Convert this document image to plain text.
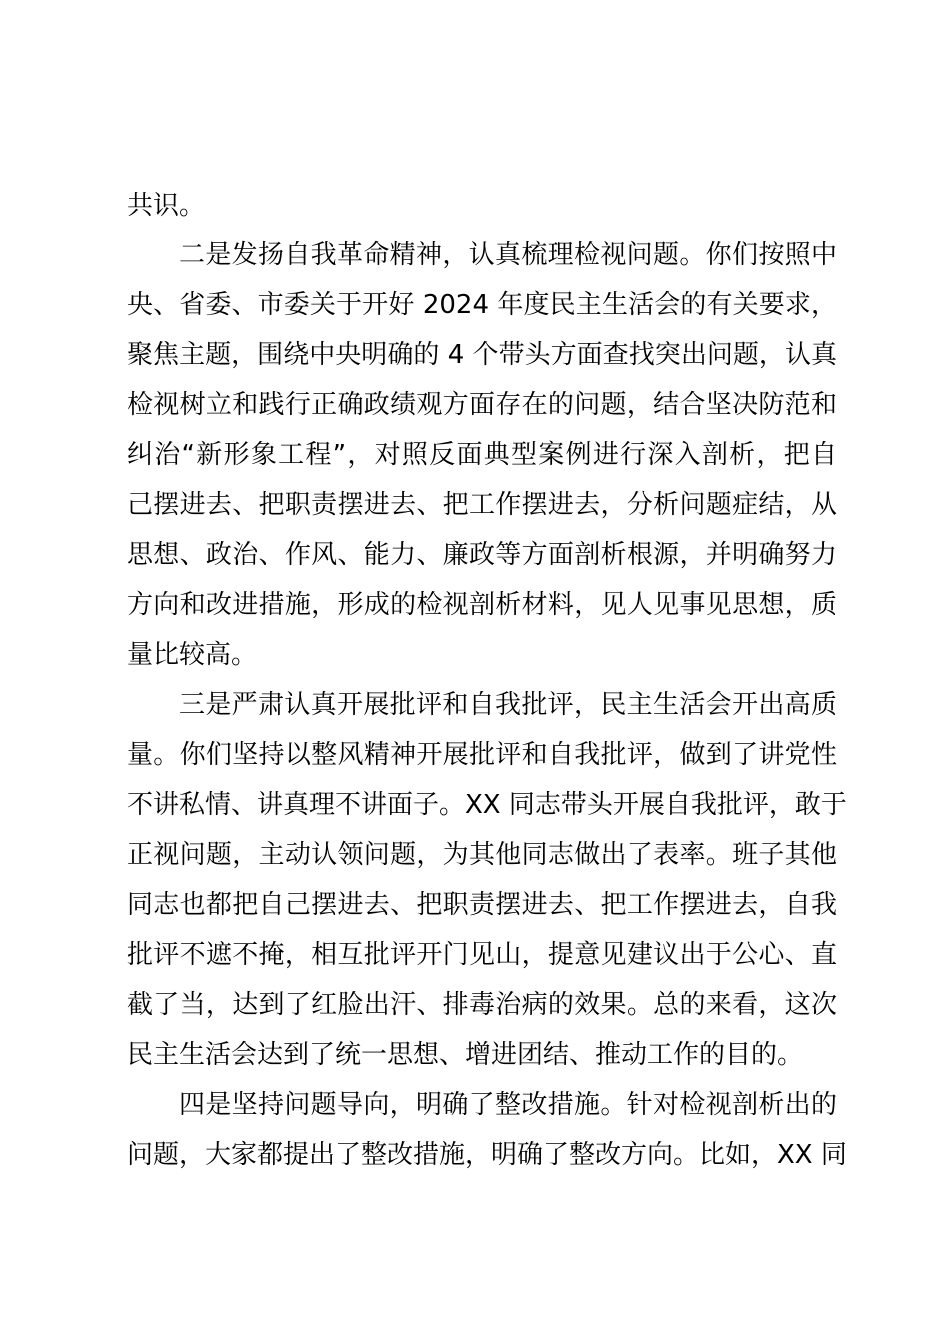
共识。
二是发扬自我革命精神，认真梳理检视问题。你们按照中
央、省委、市委关于开好 2024 年度民主生活会的有关要求，
聚焦主题，围绕中央明确的 4 个带头方面查找突出问题，认真
检视树立和践行正确政绩观方面存在的问题，结合坚决防范和
纠治“新形象工程”，对照反面典型案例进行深入剖析，把自
己摆进去、把职责摆进去、把工作摆进去，分析问题症结，从
思想、政治、作风、能力、廉政等方面剖析根源，并明确努力
方向和改进措施，形成的检视剖析材料，见人见事见思想，质
量比较高。
三是严肃认真开展批评和自我批评，民主生活会开出高质
量。你们坚持以整风精神开展批评和自我批评，做到了讲党性
不讲私情、讲真理不讲面子。XX 同志带头开展自我批评，敢于
正视问题，主动认领问题，为其他同志做出了表率。班子其他
同志也都把自己摆进去、把职责摆进去、把工作摆进去，自我
批评不遮不掩，相互批评开门见山，提意见建议出于公心、直
截了当，达到了红脸出汗、排毒治病的效果。总的来看，这次
民主生活会达到了统一思想、增进团结、推动工作的目的。
四是坚持问题导向，明确了整改措施。针对检视剖析出的
问题，大家都提出了整改措施，明确了整改方向。比如，XX 同
